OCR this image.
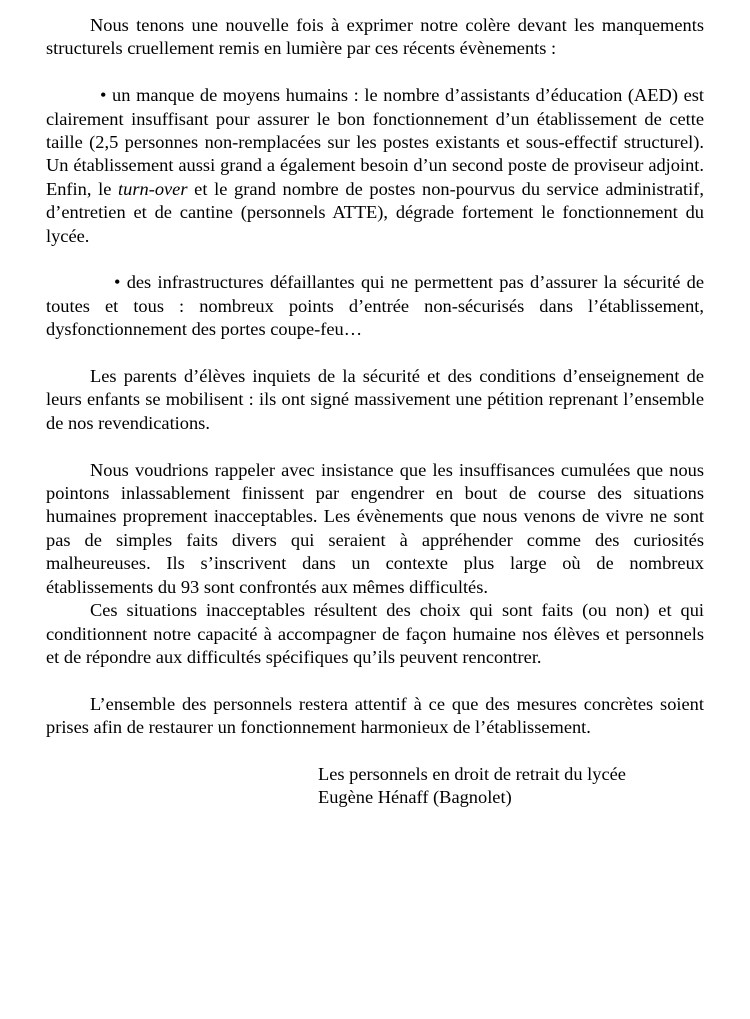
Nous tenons une nouvelle fois à exprimer notre colère devant les manquements structurels cruellement remis en lumière par ces récents évènements :

• un manque de moyens humains : le nombre d’assistants d’éducation (AED) est clairement insuffisant pour assurer le bon fonctionnement d’un établissement de cette taille (2,5 personnes non-remplacées sur les postes existants et sous-effectif structurel). Un établissement aussi grand a également besoin d’un second poste de proviseur adjoint. Enfin, le turn-over et le grand nombre de postes non-pourvus du service administratif, d’entretien et de cantine (personnels ATTE), dégrade fortement le fonctionnement du lycée.

• des infrastructures défaillantes qui ne permettent pas d’assurer la sécurité de toutes et tous : nombreux points d’entrée non-sécurisés dans l’établissement, dysfonctionnement des portes coupe-feu…

Les parents d’élèves inquiets de la sécurité et des conditions d’enseignement de leurs enfants se mobilisent : ils ont signé massivement une pétition reprenant l’ensemble de nos revendications.

Nous voudrions rappeler avec insistance que les insuffisances cumulées que nous pointons inlassablement finissent par engendrer en bout de course des situations humaines proprement inacceptables. Les évènements que nous venons de vivre ne sont pas de simples faits divers qui seraient à appréhender comme des curiosités malheureuses. Ils s’inscrivent dans un contexte plus large où de nombreux établissements du 93 sont confrontés aux mêmes difficultés.

Ces situations inacceptables résultent des choix qui sont faits (ou non) et qui conditionnent notre capacité à accompagner de façon humaine nos élèves et personnels et de répondre aux difficultés spécifiques qu’ils peuvent rencontrer.

L’ensemble des personnels restera attentif à ce que des mesures concrètes soient prises afin de restaurer un fonctionnement harmonieux de l’établissement.

Les personnels en droit de retrait du lycée

Eugène Hénaff (Bagnolet)
